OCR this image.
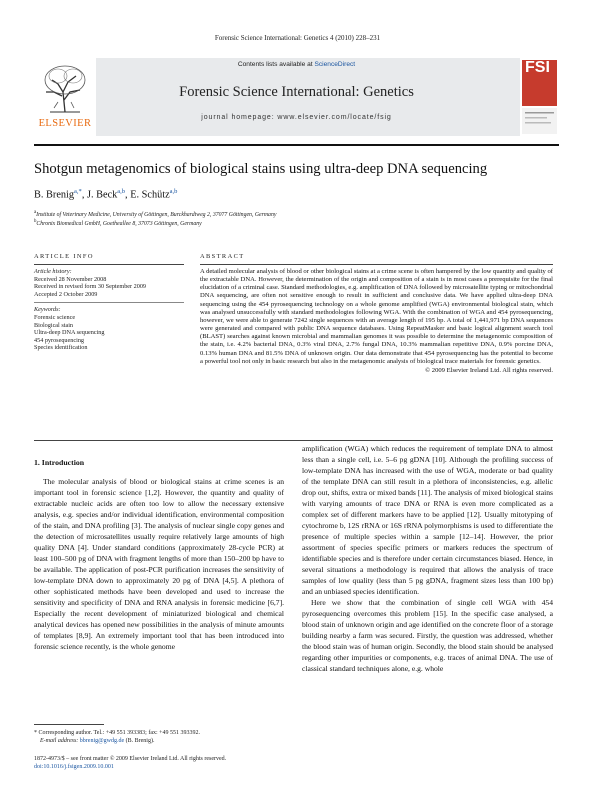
Forensic Science International: Genetics 4 (2010) 228–231
ELSEVIER
Contents lists available at ScienceDirect
Forensic Science International: Genetics
journal homepage: www.elsevier.com/locate/fsig
FSI
Shotgun metagenomics of biological stains using ultra-deep DNA sequencing
B. Brenig$^{a,*}$, J. Beck$^{a,b}$, E. Schütz$^{a,b}$
$^a$Institute of Veterinary Medicine, University of Göttingen, Burckhardtweg 2, 37077 Göttingen, Germany
$^b$Chronix Biomedical GmbH, Goetheallee 8, 37073 Göttingen, Germany
ARTICLE INFO	ABSTRACT
Article history:
Received 28 November 2008
Received in revised form 30 September 2009
Accepted 2 October 2009
Keywords:
Forensic science
Biological stain
Ultra-deep DNA sequencing
454 pyrosequencing
Species identification
A detailed molecular analysis of blood or other biological stains at a crime scene is often hampered by the low quantity and quality of the extractable DNA. However, the determination of the origin and composition of a stain is in most cases a prerequisite for the final elucidation of a criminal case. Standard methodologies, e.g. amplification of DNA followed by microsatellite typing or mitochondrial DNA sequencing, are often not sensitive enough to result in sufficient and conclusive data. We have applied ultra-deep DNA sequencing using the 454 pyrosequencing technology on a whole genome amplified (WGA) environmental biological stain, which was analysed unsuccessfully with standard methodologies following WGA. With the combination of WGA and 454 pyrosequencing, however, we were able to generate 7242 single sequences with an average length of 195 bp. A total of 1,441,971 bp DNA sequences were generated and compared with public DNA sequence databases. Using RepeatMasker and basic logical alignment search tool (BLAST) searches against known microbial and mammalian genomes it was possible to determine the metagenomic composition of the stain, i.e. 4.2% bacterial DNA, 0.3% viral DNA, 2.7% fungal DNA, 10.3% mammalian repetitive DNA, 0.9% porcine DNA, 0.13% human DNA and 81.5% DNA of unknown origin. Our data demonstrate that 454 pyrosequencing has the potential to become a powerful tool not only in basic research but also in the metagenomic analysis of biological trace materials for forensic genetics.
© 2009 Elsevier Ireland Ltd. All rights reserved.
1. Introduction

The molecular analysis of blood or biological stains at crime scenes is an important tool in forensic science [1,2]. However, the quantity and quality of extractable nucleic acids are often too low to allow the necessary extensive analysis, e.g. species and/or individual identification, environmental composition of the stain, and DNA profiling [3]. The analysis of nuclear single copy genes and the detection of microsatellites usually require relatively large amounts of high quality DNA [4]. Under standard conditions (approximately 28-cycle PCR) at least 100–500 pg of DNA with fragment lengths of more than 150–200 bp have to be available. The application of post-PCR purification increases the sensitivity of low-template DNA down to approximately 20 pg of DNA [4,5]. A plethora of other sophisticated methods have been developed and used to increase the sensitivity and specificity of DNA and RNA analysis in forensic medicine [6,7]. Especially the recent development of miniaturized biological and chemical analytical devices has opened new possibilities in the analysis of minute amounts of templates [8,9]. An extremely important tool that has been introduced into forensic science recently, is the whole genome

amplification (WGA) which reduces the requirement of template DNA to almost less than a single cell, i.e. 5–6 pg gDNA [10]. Although the profiling success of low-template DNA has increased with the use of WGA, moderate or bad quality of the template DNA can still result in a plethora of inconsistencies, e.g. allelic drop out, shifts, extra or mixed bands [11]. The analysis of mixed biological stains with varying amounts of trace DNA or RNA is even more complicated as a complex set of different markers have to be applied [12]. Usually mitotyping of cytochrome b, 12S rRNA or 16S rRNA polymorphisms is used to differentiate the presence of multiple species within a sample [12–14]. However, the prior assortment of species specific primers or markers reduces the spectrum of identifiable species and is therefore under certain circumstances biased. Hence, in several situations a methodology is required that allows the analysis of trace samples of low quality (less than 5 pg gDNA, fragment sizes less than 100 bp) and an unbiased species identification.

Here we show that the combination of single cell WGA with 454 pyrosequencing overcomes this problem [15]. In the specific case analysed, a blood stain of unknown origin and age identified on the concrete floor of a storage building nearby a farm was secured. Firstly, the question was addressed, whether the blood stain was of human origin. Secondly, the blood stain should be analysed regarding other impurities or components, e.g. traces of animal DNA. The use of classical standard techniques alone, e.g. whole

* Corresponding author. Tel.: +49 551 393383; fax: +49 551 393392.
E-mail address: bbrenig@gwdg.de (B. Brenig).
1872-4973/$ – see front matter © 2009 Elsevier Ireland Ltd. All rights reserved.
doi:10.1016/j.fsigen.2009.10.001
